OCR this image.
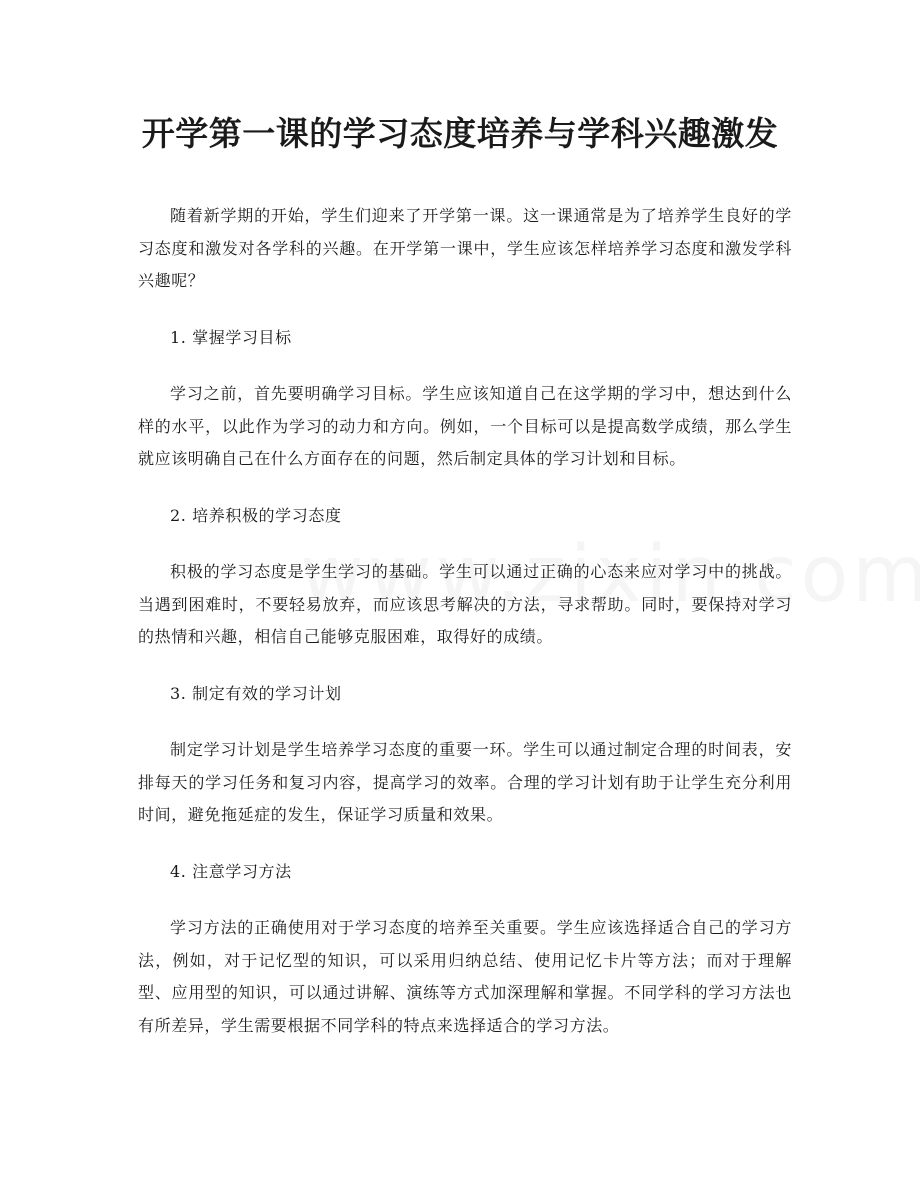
开学第一课的学习态度培养与学科兴趣激发

随着新学期的开始，学生们迎来了开学第一课。这一课通常是为了培养学生良好的学习态度和激发对各学科的兴趣。在开学第一课中，学生应该怎样培养学习态度和激发学科兴趣呢？

1. 掌握学习目标

学习之前，首先要明确学习目标。学生应该知道自己在这学期的学习中，想达到什么样的水平，以此作为学习的动力和方向。例如，一个目标可以是提高数学成绩，那么学生就应该明确自己在什么方面存在的问题，然后制定具体的学习计划和目标。

2. 培养积极的学习态度

积极的学习态度是学生学习的基础。学生可以通过正确的心态来应对学习中的挑战。当遇到困难时，不要轻易放弃，而应该思考解决的方法，寻求帮助。同时，要保持对学习的热情和兴趣，相信自己能够克服困难，取得好的成绩。

3. 制定有效的学习计划

制定学习计划是学生培养学习态度的重要一环。学生可以通过制定合理的时间表，安排每天的学习任务和复习内容，提高学习的效率。合理的学习计划有助于让学生充分利用时间，避免拖延症的发生，保证学习质量和效果。

4. 注意学习方法

学习方法的正确使用对于学习态度的培养至关重要。学生应该选择适合自己的学习方法，例如，对于记忆型的知识，可以采用归纳总结、使用记忆卡片等方法；而对于理解型、应用型的知识，可以通过讲解、演练等方式加深理解和掌握。不同学科的学习方法也有所差异，学生需要根据不同学科的特点来选择适合的学习方法。
